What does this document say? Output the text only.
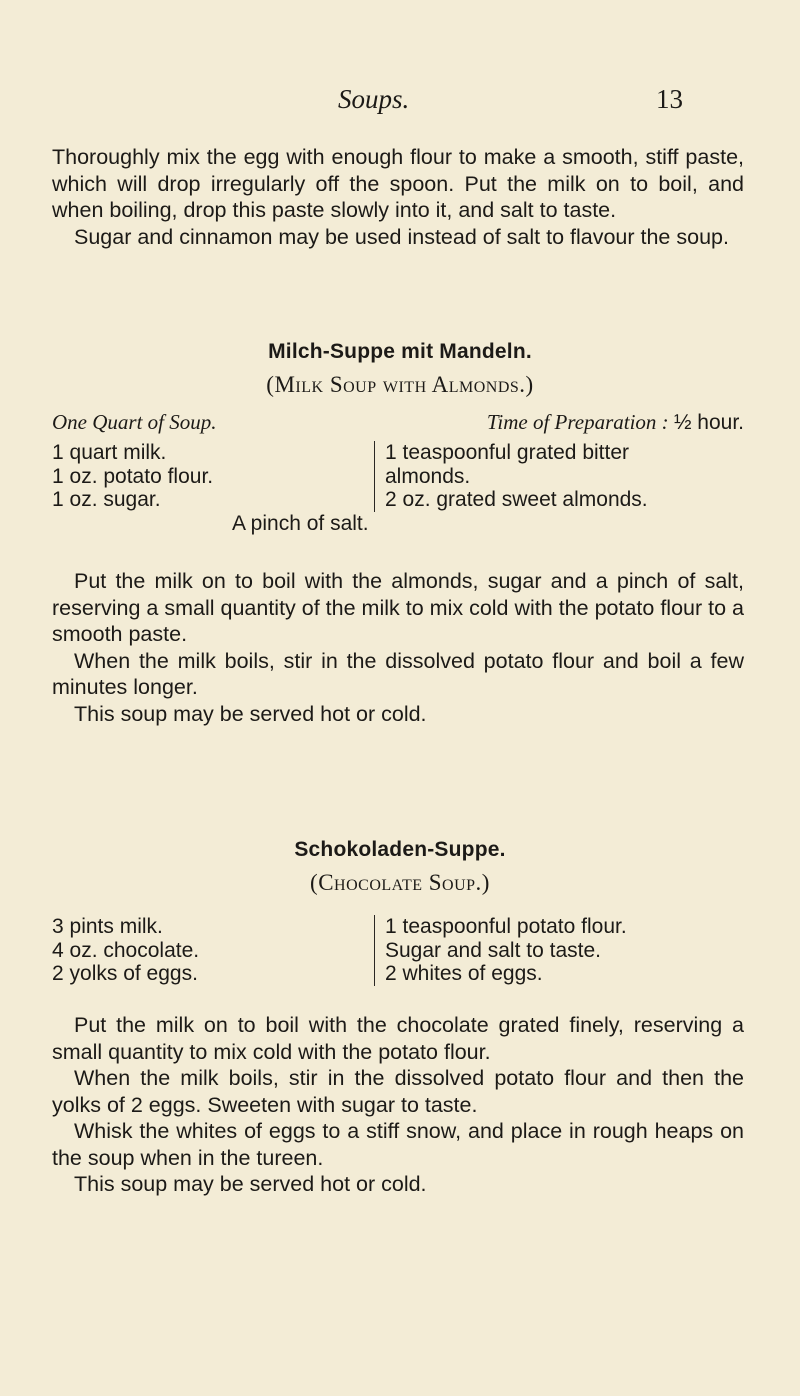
Soups.	13

Thoroughly mix the egg with enough flour to make a smooth, stiff paste, which will drop irregularly off the spoon. Put the milk on to boil, and when boiling, drop this paste slowly into it, and salt to taste.

Sugar and cinnamon may be used instead of salt to flavour the soup.

Milch-Suppe mit Mandeln.
(Milk Soup with Almonds.)
One Quart of Soup.	Time of Preparation : ½ hour.
1 quart milk.
1 oz. potato flour.
1 oz. sugar.
1 teaspoonful grated bitter
almonds.
2 oz. grated sweet almonds.
A pinch of salt.

Put the milk on to boil with the almonds, sugar and a pinch of salt, reserving a small quantity of the milk to mix cold with the potato flour to a smooth paste.

When the milk boils, stir in the dissolved potato flour and boil a few minutes longer.

This soup may be served hot or cold.

Schokoladen-Suppe.
(Chocolate Soup.)
3 pints milk.
4 oz. chocolate.
2 yolks of eggs.
1 teaspoonful potato flour.
Sugar and salt to taste.
2 whites of eggs.

Put the milk on to boil with the chocolate grated finely, reserving a small quantity to mix cold with the potato flour.

When the milk boils, stir in the dissolved potato flour and then the yolks of 2 eggs. Sweeten with sugar to taste.

Whisk the whites of eggs to a stiff snow, and place in rough heaps on the soup when in the tureen.

This soup may be served hot or cold.
